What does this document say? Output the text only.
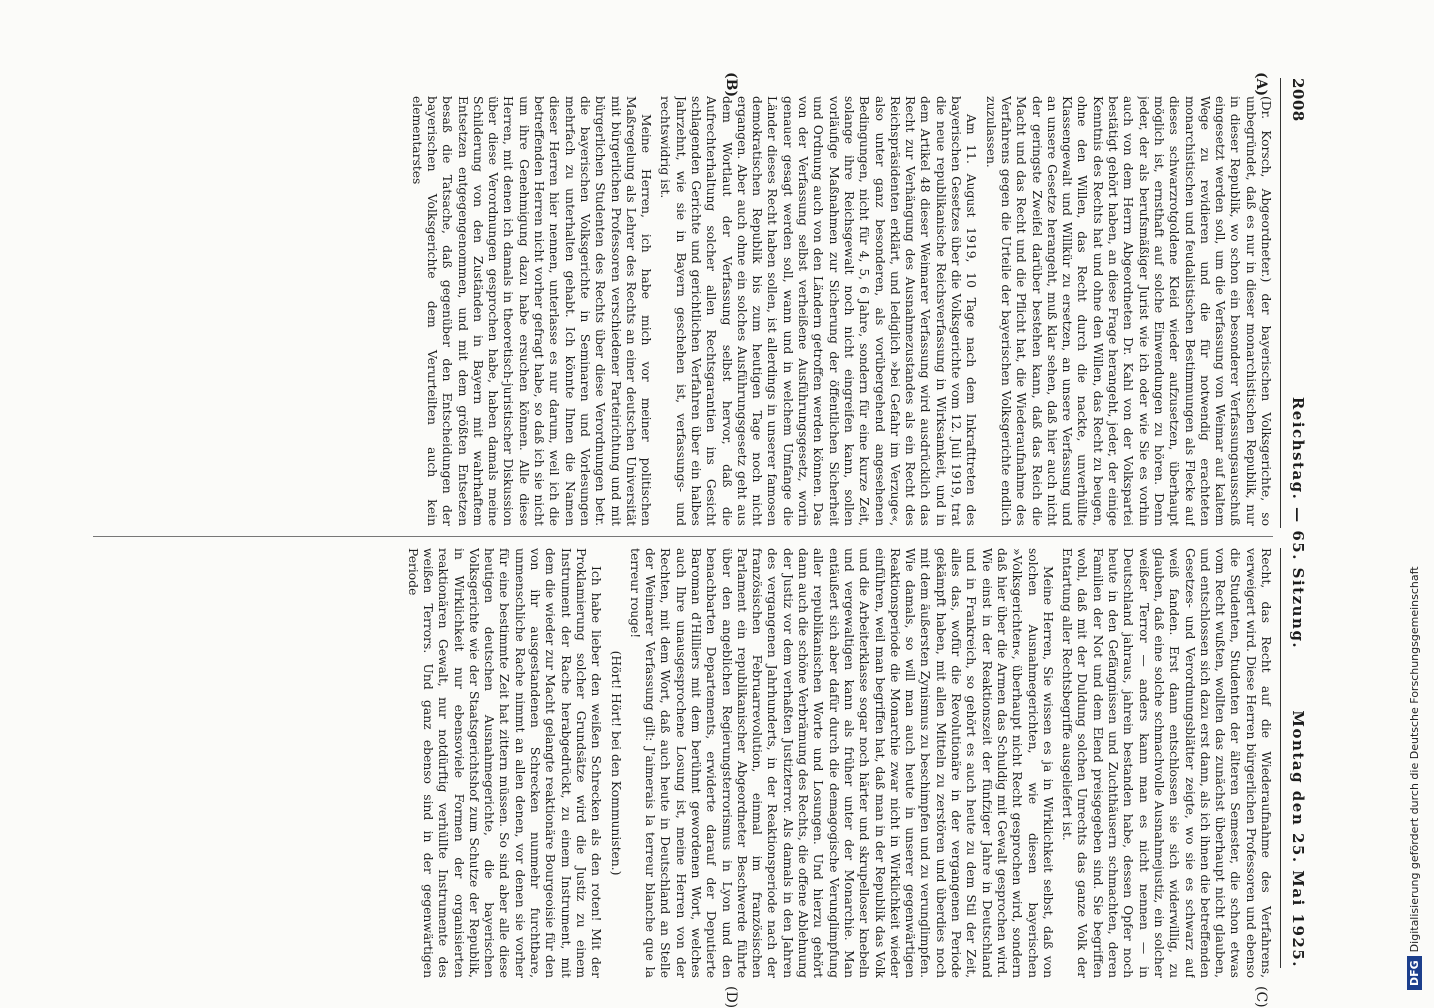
2008
Reichstag. — 65. Sitzung.
Montag den 25. Mai 1925.
(A)
(B)
(C)
(D)

(Dr. Korsch, Abgeordneter.) der bayerischen Volksgerichte, so unbegründet, daß es nur in dieser monarchistischen Republik, nur in dieser Republik, wo schon ein besonderer Verfassungsausschuß eingesetzt werden soll, um die Verfassung von Weimar auf kaltem Wege zu revidieren und die für notwendig erachteten monarchistischen und feudalistischen Bestimmungen als Flecke auf dieses schwarzrotgoldene Kleid wieder aufzusetzen, überhaupt möglich ist, ernsthaft auf solche Einwendungen zu hören. Denn jeder, der als berufsmäßiger Jurist wie ich oder wie Sie es vorhin auch von dem Herrn Abgeordneten Dr. Kahl von der Volkspartei bestätigt gehört haben, an diese Frage herangeht, jeder, der einige Kenntnis des Rechts hat und ohne den Willen, das Recht zu beugen, ohne den Willen, das Recht durch die nackte, unverhüllte Klassengewalt und Willkür zu ersetzen, an unsere Verfassung und an unsere Gesetze herangeht, muß klar sehen, daß hier auch nicht der geringste Zweifel darüber bestehen kann, daß das Reich die Macht und das Recht und die Pflicht hat, die Wiederaufnahme des Verfahrens gegen die Urteile der bayerischen Volksgerichte endlich zuzulassen.

Am 11. August 1919, 10 Tage nach dem Inkrafttreten des bayerischen Gesetzes über die Volksgerichte vom 12. Juli 1919, trat die neue republikanische Reichsverfassung in Wirksamkeit, und in dem Artikel 48 dieser Weimarer Verfassung wird ausdrücklich das Recht zur Verhängung des Ausnahmezustandes als ein Recht des Reichspräsidenten erklärt, und lediglich »bei Gefahr im Verzuge«, also unter ganz besonderen, als vorübergehend angesehenen Bedingungen, nicht für 4, 5, 6 Jahre, sondern für eine kurze Zeit, solange ihre Reichsgewalt noch nicht eingreifen kann, sollen vorläufige Maßnahmen zur Sicherung der öffentlichen Sicherheit und Ordnung auch von den Ländern getroffen werden können. Das von der Verfassung selbst verheißene Ausführungsgesetz, worin genauer gesagt werden soll, wann und in welchem Umfange die Länder dieses Recht haben sollen, ist allerdings in unserer famosen demokratischen Republik bis zum heutigen Tage noch nicht ergangen. Aber auch ohne ein solches Ausführungsgesetz geht aus dem Wortlaut der Verfassung selbst hervor, daß die Aufrechterhaltung solcher allen Rechtsgarantien ins Gesicht schlagenden Gerichte und gerichtlichen Verfahren über ein halbes Jahrzehnt, wie sie in Bayern geschehen ist, verfassungs- und rechtswidrig ist.

Meine Herren, ich habe mich vor meiner politischen Maßregelung als Lehrer des Rechts an einer deutschen Universität mit bürgerlichen Professoren verschiedener Parteirichtung und mit bürgerlichen Studenten des Rechts über diese Verordnungen betr. die bayerischen Volksgerichte in Seminaren und Vorlesungen mehrfach zu unterhalten gehabt. Ich könnte Ihnen die Namen dieser Herren hier nennen, unterlasse es nur darum, weil ich die betreffenden Herren nicht vorher gefragt habe, so daß ich sie nicht um ihre Genehmigung dazu habe ersuchen können. Alle diese Herren, mit denen ich damals in theoretisch-juristischer Diskussion über diese Verordnungen gesprochen habe, haben damals meine Schilderung von den Zuständen in Bayern mit wahrhaftem Entsetzen entgegengenommen, und mit dem größten Entsetzen besaß die Tatsache, daß gegenüber den Entscheidungen der bayerischen Volksgerichte dem Verurteilten auch kein elementarstes

Recht, das Recht auf die Wiederaufnahme des Verfahrens, verweigert wird. Diese Herren bürgerlichen Professoren und ebenso die Studenten, Studenten der älteren Semester, die schon etwas vom Recht wußten, wollten das zunächst überhaupt nicht glauben, und entschlossen sich dazu erst dann, als ich ihnen die betreffenden Gesetzes- und Verordnungsblätter zeigte, wo sie es schwarz auf weiß fanden. Erst dann entschlossen sie sich widerwillig, zu glauben, daß eine solche schmachvolle Ausnahmejustiz, ein solcher weißer Terror — anders kann man es nicht nennen — in Deutschland jahraus, jahrein bestanden habe, dessen Opfer noch heute in den Gefängnissen und Zuchthäusern schmachten, deren Familien der Not und dem Elend preisgegeben sind. Sie begriffen wohl, daß mit der Duldung solchen Unrechts das ganze Volk der Entartung aller Rechtsbegriffe ausgeliefert ist.

Meine Herren, Sie wissen es ja in Wirklichkeit selbst, daß von solchen Ausnahmegerichten, wie diesen bayerischen »Volksgerichten«, überhaupt nicht Recht gesprochen wird, sondern daß hier über die Armen das Schuldig mit Gewalt gesprochen wird. Wie einst in der Reaktionszeit der fünfziger Jahre in Deutschland und in Frankreich, so gehört es auch heute zu dem Stil der Zeit, alles das, wofür die Revolutionäre in der vergangenen Periode gekämpft haben, mit allen Mitteln zu zerstören und überdies noch mit dem äußersten Zynismus zu beschimpfen und zu verunglimpfen. Wie damals, so will man auch heute in unserer gegenwärtigen Reaktionsperiode die Monarchie zwar nicht in Wirklichkeit wieder einführen, weil man begriffen hat, daß man in der Republik das Volk und die Arbeiterklasse sogar noch härter und skrupelloser knebeln und vergewaltigen kann als früher unter der Monarchie. Man entäußert sich aber dafür durch die demagogische Verunglimpfung aller republikanischen Worte und Losungen. Und hierzu gehört dann auch die schöne Verbrämung des Rechts, die offene Ablehnung der Justiz vor dem verhaßten Justizterror. Als damals in den Jahren des vergangenen Jahrhunderts, in der Reaktionsperiode nach der französischen Februarrevolution, einmal im französischen Parlament ein republikanischer Abgeordneter Beschwerde führte über den angeblichen Regierungsterrorismus in Lyon und den benachbarten Departements, erwiderte darauf der Deputierte Baroman d'Hilliers mit dem berühmt gewordenen Wort, welches auch Ihre unausgesprochene Losung ist, meine Herren von der Rechten, mit dem Wort, daß auch heute in Deutschland an Stelle der Weimarer Verfassung gilt: J'aimerais la terreur blanche que la terreur rouge!

(Hört! Hört! bei den Kommunisten.)

Ich habe lieber den weißen Schrecken als den roten! Mit der Proklamierung solcher Grundsätze wird die Justiz zu einem Instrument der Rache herabgedrückt, zu einem Instrument, mit dem die wieder zur Macht gelangte reaktionäre Bourgeoisie für den von ihr ausgestandenen Schrecken nunmehr furchtbare, unmenschliche Rache nimmt an allen denen, vor denen sie vorher für eine bestimmte Zeit hat zittern müssen. So sind aber alle diese heutigen deutschen Ausnahmegerichte, die bayerischen Volksgerichte wie der Staatsgerichtshof zum Schutze der Republik, in Wirklichkeit nur ebensoviele Formen der organisierten reaktionären Gewalt, nur notdürftig verhüllte Instrumente des weißen Terrors. Und ganz ebenso sind in der gegenwärtigen Periode

DFGDigitalisierung gefördert durch die Deutsche Forschungsgemeinschaft
